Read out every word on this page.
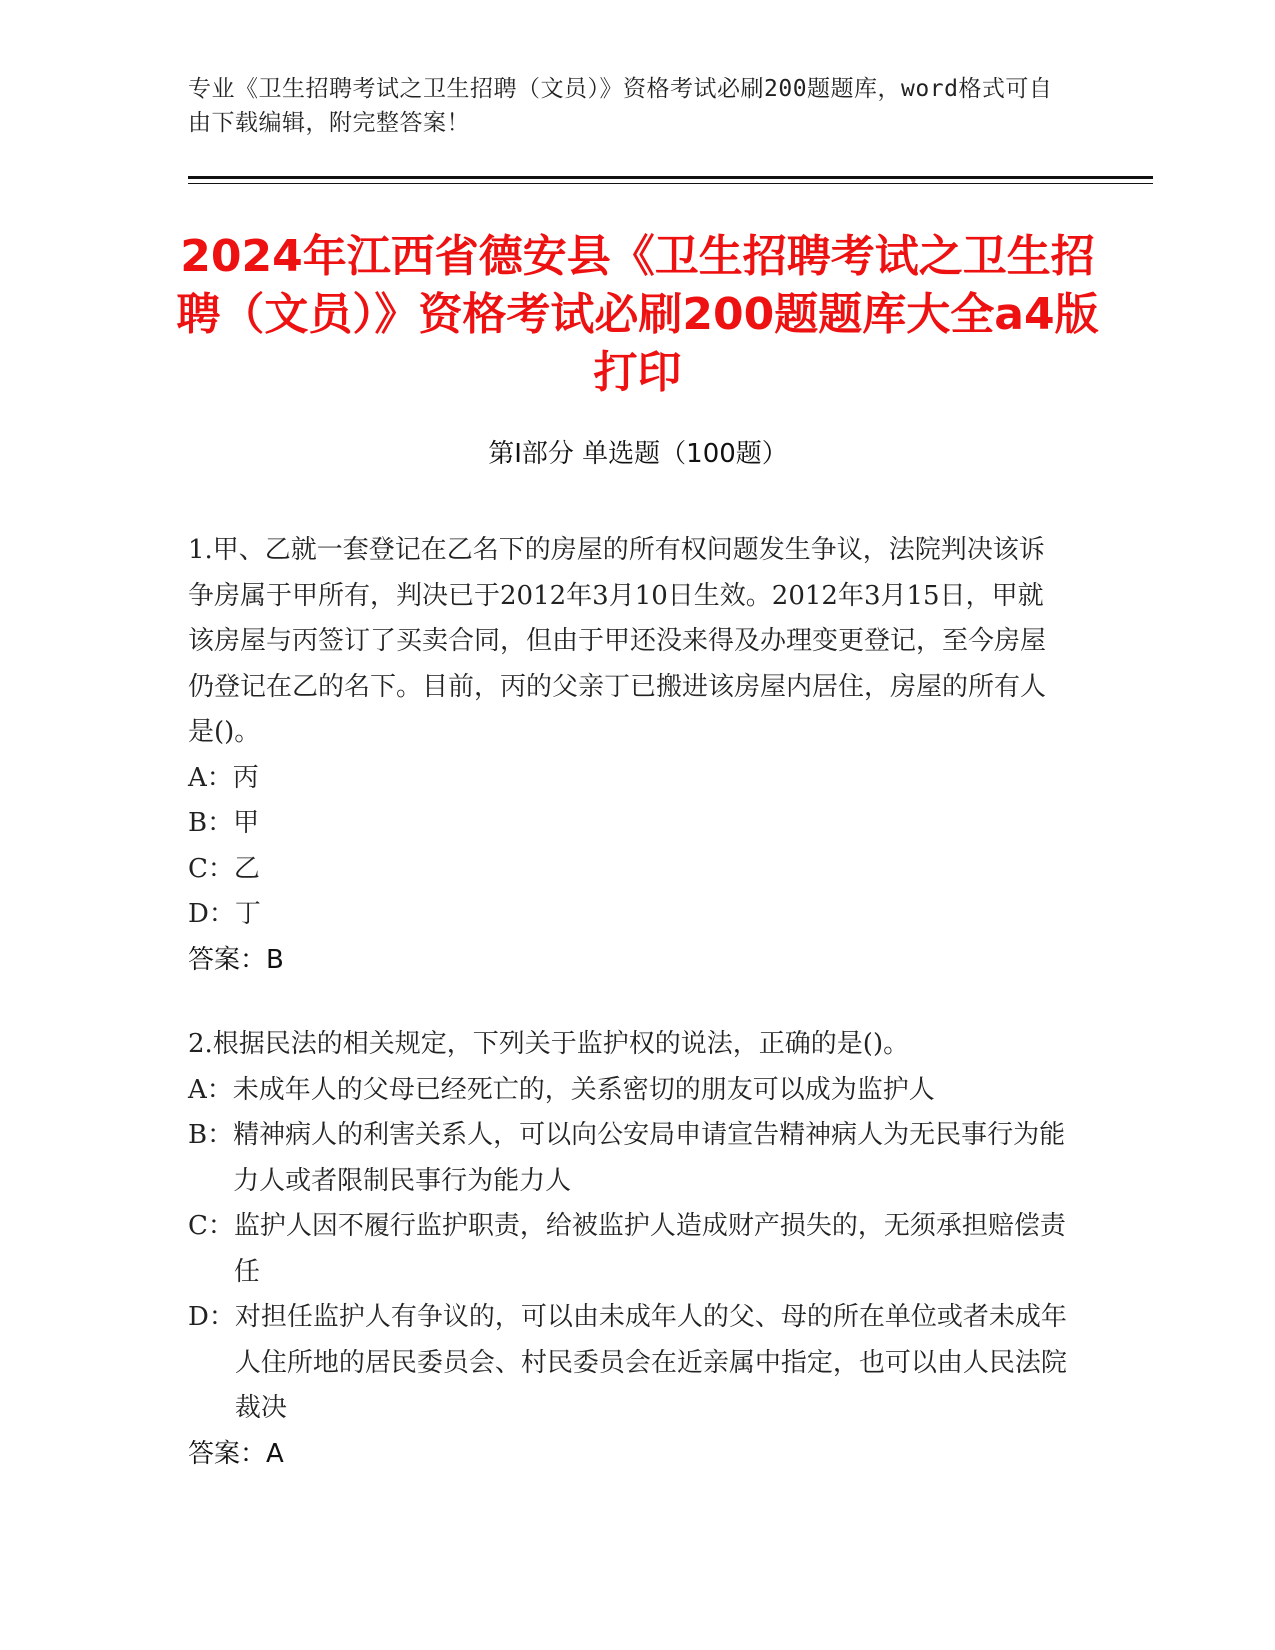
专业《卫生招聘考试之卫生招聘（文员）》资格考试必刷200题题库，word格式可自由下载编辑，附完整答案！
2024年江西省德安县《卫生招聘考试之卫生招聘（文员）》资格考试必刷200题题库大全a4版打印
第I部分 单选题（100题）

1.甲、乙就一套登记在乙名下的房屋的所有权问题发生争议，法院判决该诉争房属于甲所有，判决已于2012年3月10日生效。2012年3月15日，甲就该房屋与丙签订了买卖合同，但由于甲还没来得及办理变更登记，至今房屋仍登记在乙的名下。目前，丙的父亲丁已搬进该房屋内居住，房屋的所有人是()。

A： 丙
B： 甲
C： 乙
D： 丁

答案：B

2.根据民法的相关规定，下列关于监护权的说法，正确的是()。

A： 未成年人的父母已经死亡的，关系密切的朋友可以成为监护人
B： 精神病人的利害关系人，可以向公安局申请宣告精神病人为无民事行为能力人或者限制民事行为能力人
C： 监护人因不履行监护职责，给被监护人造成财产损失的，无须承担赔偿责任
D： 对担任监护人有争议的，可以由未成年人的父、母的所在单位或者未成年人住所地的居民委员会、村民委员会在近亲属中指定，也可以由人民法院裁决

答案：A
